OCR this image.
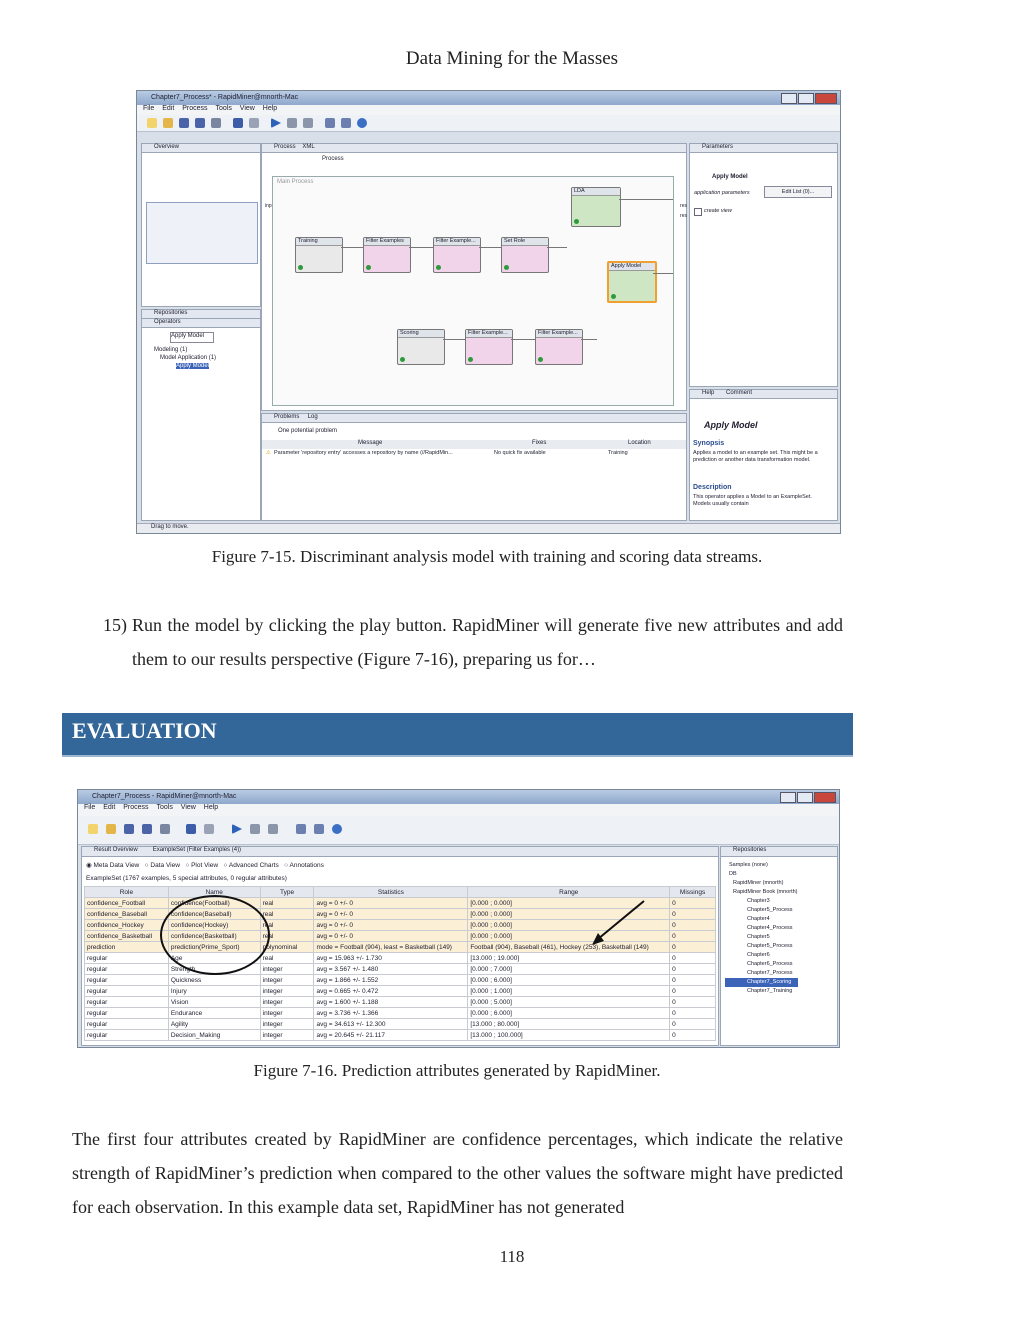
Data Mining for the Masses
Chapter7_Process* - RapidMiner@mnorth-Mac
File Edit Process Tools View Help
Overview
Repositories
Operators
Apply Model
Modeling (1)
Model Application (1)
Apply Model
Process XML
Process
Main Process
inp	res
res
Training	Filter Examples	Filter Example...	Set Role
LDA
Apply Model
Scoring	Filter Example...	Filter Example...
Problems Log
One potential problem
Message	Fixes	Location
⚠ Parameter 'repository entry' accesses a repository by name (//RapidMin...	No quick fix available	Training
Parameters
Apply Model
application parameters	Edit List (0)...
create view
Help Comment
Apply Model
Synopsis
Applies a model to an example set. This might be a prediction or another data transformation model.
Description
This operator applies a Model to an ExampleSet. Models usually contain
Drag to move.
Figure 7-15. Discriminant analysis model with training and scoring data streams.
15) Run the model by clicking the play button. RapidMiner will generate five new attributes and add them to our results perspective (Figure 7-16), preparing us for…
EVALUATION
Chapter7_Process - RapidMiner@mnorth-Mac
File Edit Process Tools View Help
Result Overview	ExampleSet (Filter Examples (4))
◉ Meta Data View ○ Data View ○ Plot View ○ Advanced Charts ○ Annotations
ExampleSet (1767 examples, 5 special attributes, 0 regular attributes)
Role	Name	Type	Statistics	Range	Missings
confidence_Football	confidence(Football)	real	avg = 0 +/- 0	[0.000 ; 0.000]	0
confidence_Baseball	confidence(Baseball)	real	avg = 0 +/- 0	[0.000 ; 0.000]	0
confidence_Hockey	confidence(Hockey)	real	avg = 0 +/- 0	[0.000 ; 0.000]	0
confidence_Basketball	confidence(Basketball)	real	avg = 0 +/- 0	[0.000 ; 0.000]	0
prediction	prediction(Prime_Sport)	polynominal	mode = Football (904), least = Basketball (149)	Football (904), Baseball (461), Hockey (253), Basketball (149)	0
regular	Age	real	avg = 15.963 +/- 1.730	[13.000 ; 19.000]	0
regular	Strength	integer	avg = 3.567 +/- 1.480	[0.000 ; 7.000]	0
regular	Quickness	integer	avg = 1.866 +/- 1.552	[0.000 ; 6.000]	0
regular	Injury	integer	avg = 0.665 +/- 0.472	[0.000 ; 1.000]	0
regular	Vision	integer	avg = 1.600 +/- 1.188	[0.000 ; 5.000]	0
regular	Endurance	integer	avg = 3.736 +/- 1.366	[0.000 ; 6.000]	0
regular	Agility	integer	avg = 34.613 +/- 12.300	[13.000 ; 80.000]	0
regular	Decision_Making	integer	avg = 20.645 +/- 21.117	[13.000 ; 100.000]	0
Repositories
Samples (none)
DB
RapidMiner (mnorth)
RapidMiner Book (mnorth)
Chapter3
Chapter5_Process
Chapter4
Chapter4_Process
Chapter5
Chapter5_Process
Chapter6
Chapter6_Process
Chapter7_Process
Chapter7_Scoring
Chapter7_Training
Figure 7-16. Prediction attributes generated by RapidMiner.
The first four attributes created by RapidMiner are confidence percentages, which indicate the relative strength of RapidMiner’s prediction when compared to the other values the software might have predicted for each observation. In this example data set, RapidMiner has not generated
118
